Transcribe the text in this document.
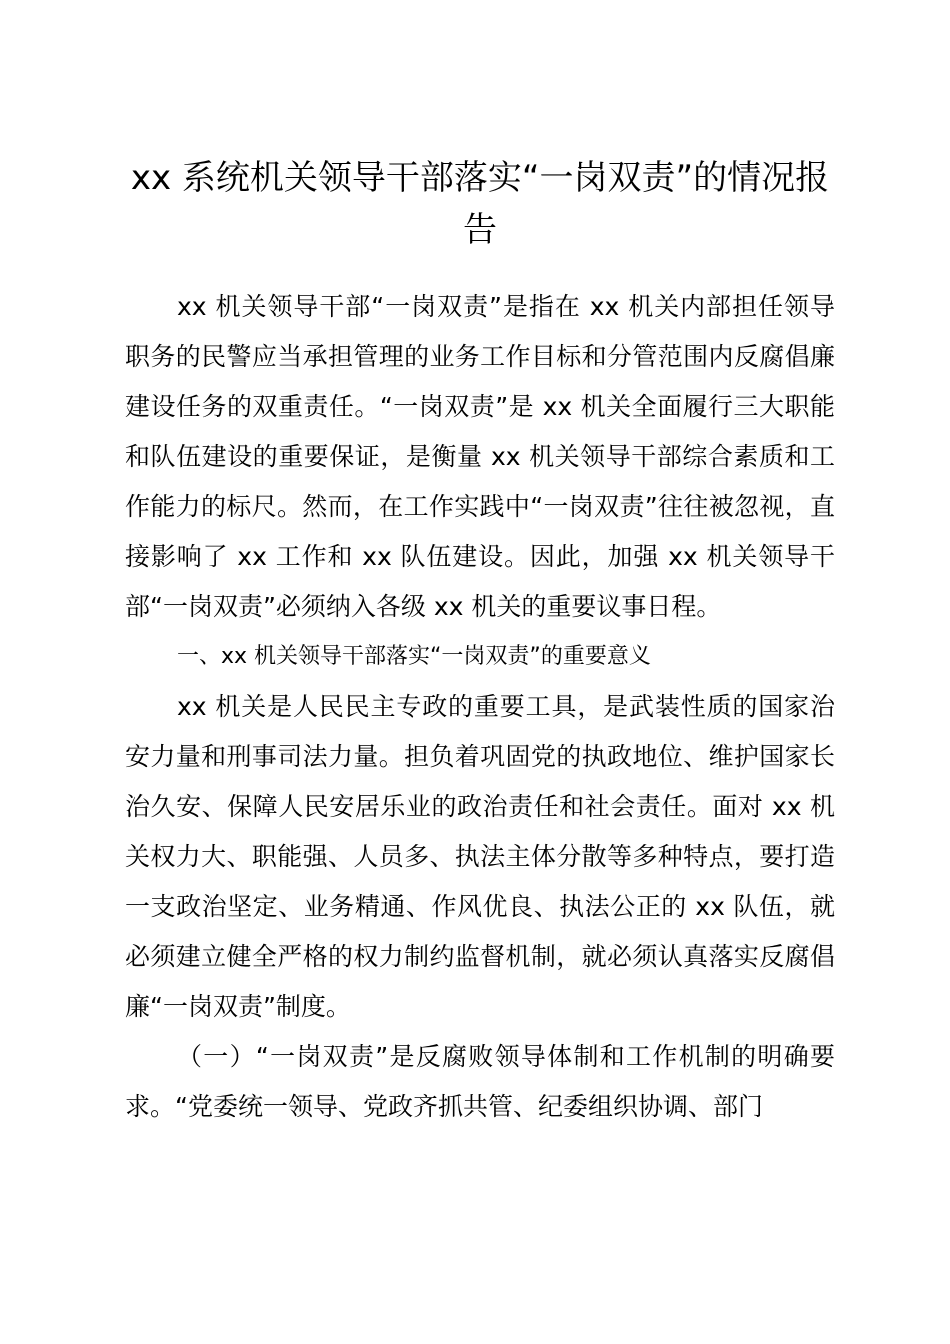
xx 系统机关领导干部落实“一岗双责”的情况报告

xx 机关领导干部“一岗双责”是指在 xx 机关内部担任领导职务的民警应当承担管理的业务工作目标和分管范围内反腐倡廉建设任务的双重责任。“一岗双责”是 xx 机关全面履行三大职能和队伍建设的重要保证，是衡量 xx 机关领导干部综合素质和工作能力的标尺。然而，在工作实践中“一岗双责”往往被忽视，直接影响了 xx 工作和 xx 队伍建设。因此，加强 xx 机关领导干部“一岗双责”必须纳入各级 xx 机关的重要议事日程。

一、xx 机关领导干部落实“一岗双责”的重要意义

xx 机关是人民民主专政的重要工具，是武装性质的国家治安力量和刑事司法力量。担负着巩固党的执政地位、维护国家长治久安、保障人民安居乐业的政治责任和社会责任。面对 xx 机关权力大、职能强、人员多、执法主体分散等多种特点，要打造一支政治坚定、业务精通、作风优良、执法公正的 xx 队伍，就必须建立健全严格的权力制约监督机制，就必须认真落实反腐倡廉“一岗双责”制度。

（一）“一岗双责”是反腐败领导体制和工作机制的明确要求。“党委统一领导、党政齐抓共管、纪委组织协调、部门
